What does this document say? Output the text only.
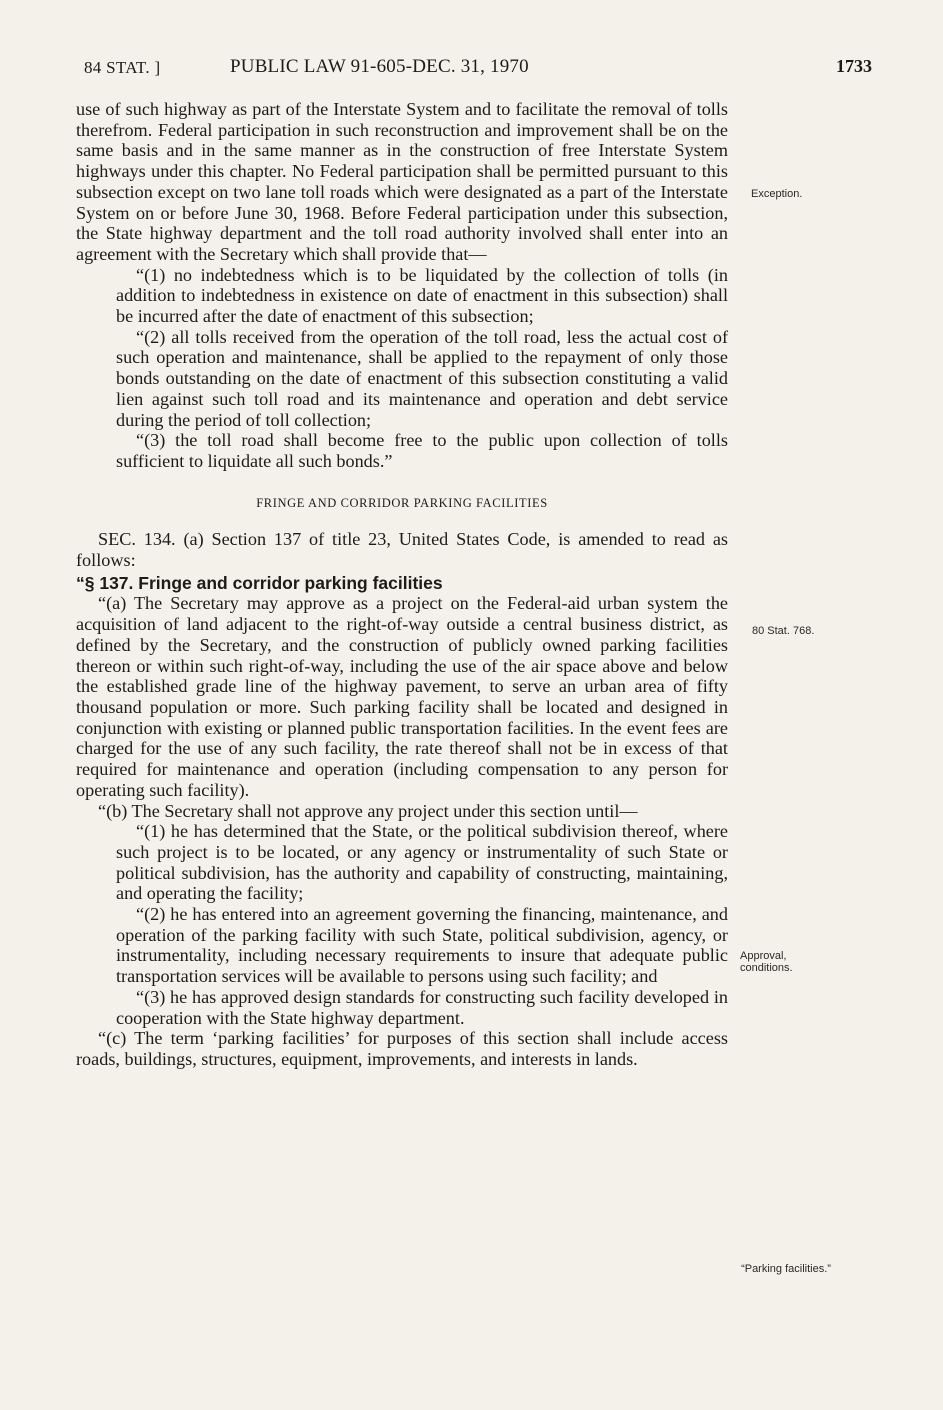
84 STAT. ]	PUBLIC LAW 91-605-DEC. 31, 1970	1733

use of such highway as part of the Interstate System and to facilitate the removal of tolls therefrom. Federal participation in such reconstruction and improvement shall be on the same basis and in the same manner as in the construction of free Interstate System highways under this chapter. No Federal participation shall be permitted pursuant to this subsection except on two lane toll roads which were designated as a part of the Interstate System on or before June 30, 1968. Before Federal participation under this subsection, the State highway department and the toll road authority involved shall enter into an agreement with the Secretary which shall provide that—

“(1) no indebtedness which is to be liquidated by the collection of tolls (in addition to indebtedness in existence on date of enactment in this subsection) shall be incurred after the date of enactment of this subsection;

“(2) all tolls received from the operation of the toll road, less the actual cost of such operation and maintenance, shall be applied to the repayment of only those bonds outstanding on the date of enactment of this subsection constituting a valid lien against such toll road and its maintenance and operation and debt service during the period of toll collection;

“(3) the toll road shall become free to the public upon collection of tolls sufficient to liquidate all such bonds.”

FRINGE AND CORRIDOR PARKING FACILITIES

SEC. 134. (a) Section 137 of title 23, United States Code, is amended to read as follows:

“§ 137. Fringe and corridor parking facilities

“(a) The Secretary may approve as a project on the Federal-aid urban system the acquisition of land adjacent to the right-of-way outside a central business district, as defined by the Secretary, and the construction of publicly owned parking facilities thereon or within such right-of-way, including the use of the air space above and below the established grade line of the highway pavement, to serve an urban area of fifty thousand population or more. Such parking facility shall be located and designed in conjunction with existing or planned public transportation facilities. In the event fees are charged for the use of any such facility, the rate thereof shall not be in excess of that required for maintenance and operation (including compensation to any person for operating such facility).

“(b) The Secretary shall not approve any project under this section until—

“(1) he has determined that the State, or the political subdivision thereof, where such project is to be located, or any agency or instrumentality of such State or political subdivision, has the authority and capability of constructing, maintaining, and operating the facility;

“(2) he has entered into an agreement governing the financing, maintenance, and operation of the parking facility with such State, political subdivision, agency, or instrumentality, including necessary requirements to insure that adequate public transportation services will be available to persons using such facility; and

“(3) he has approved design standards for constructing such facility developed in cooperation with the State highway department.

“(c) The term ‘parking facilities’ for purposes of this section shall include access roads, buildings, structures, equipment, improvements, and interests in lands.

Exception.
80 Stat. 768.
Approval, conditions.
“Parking facilities.”
